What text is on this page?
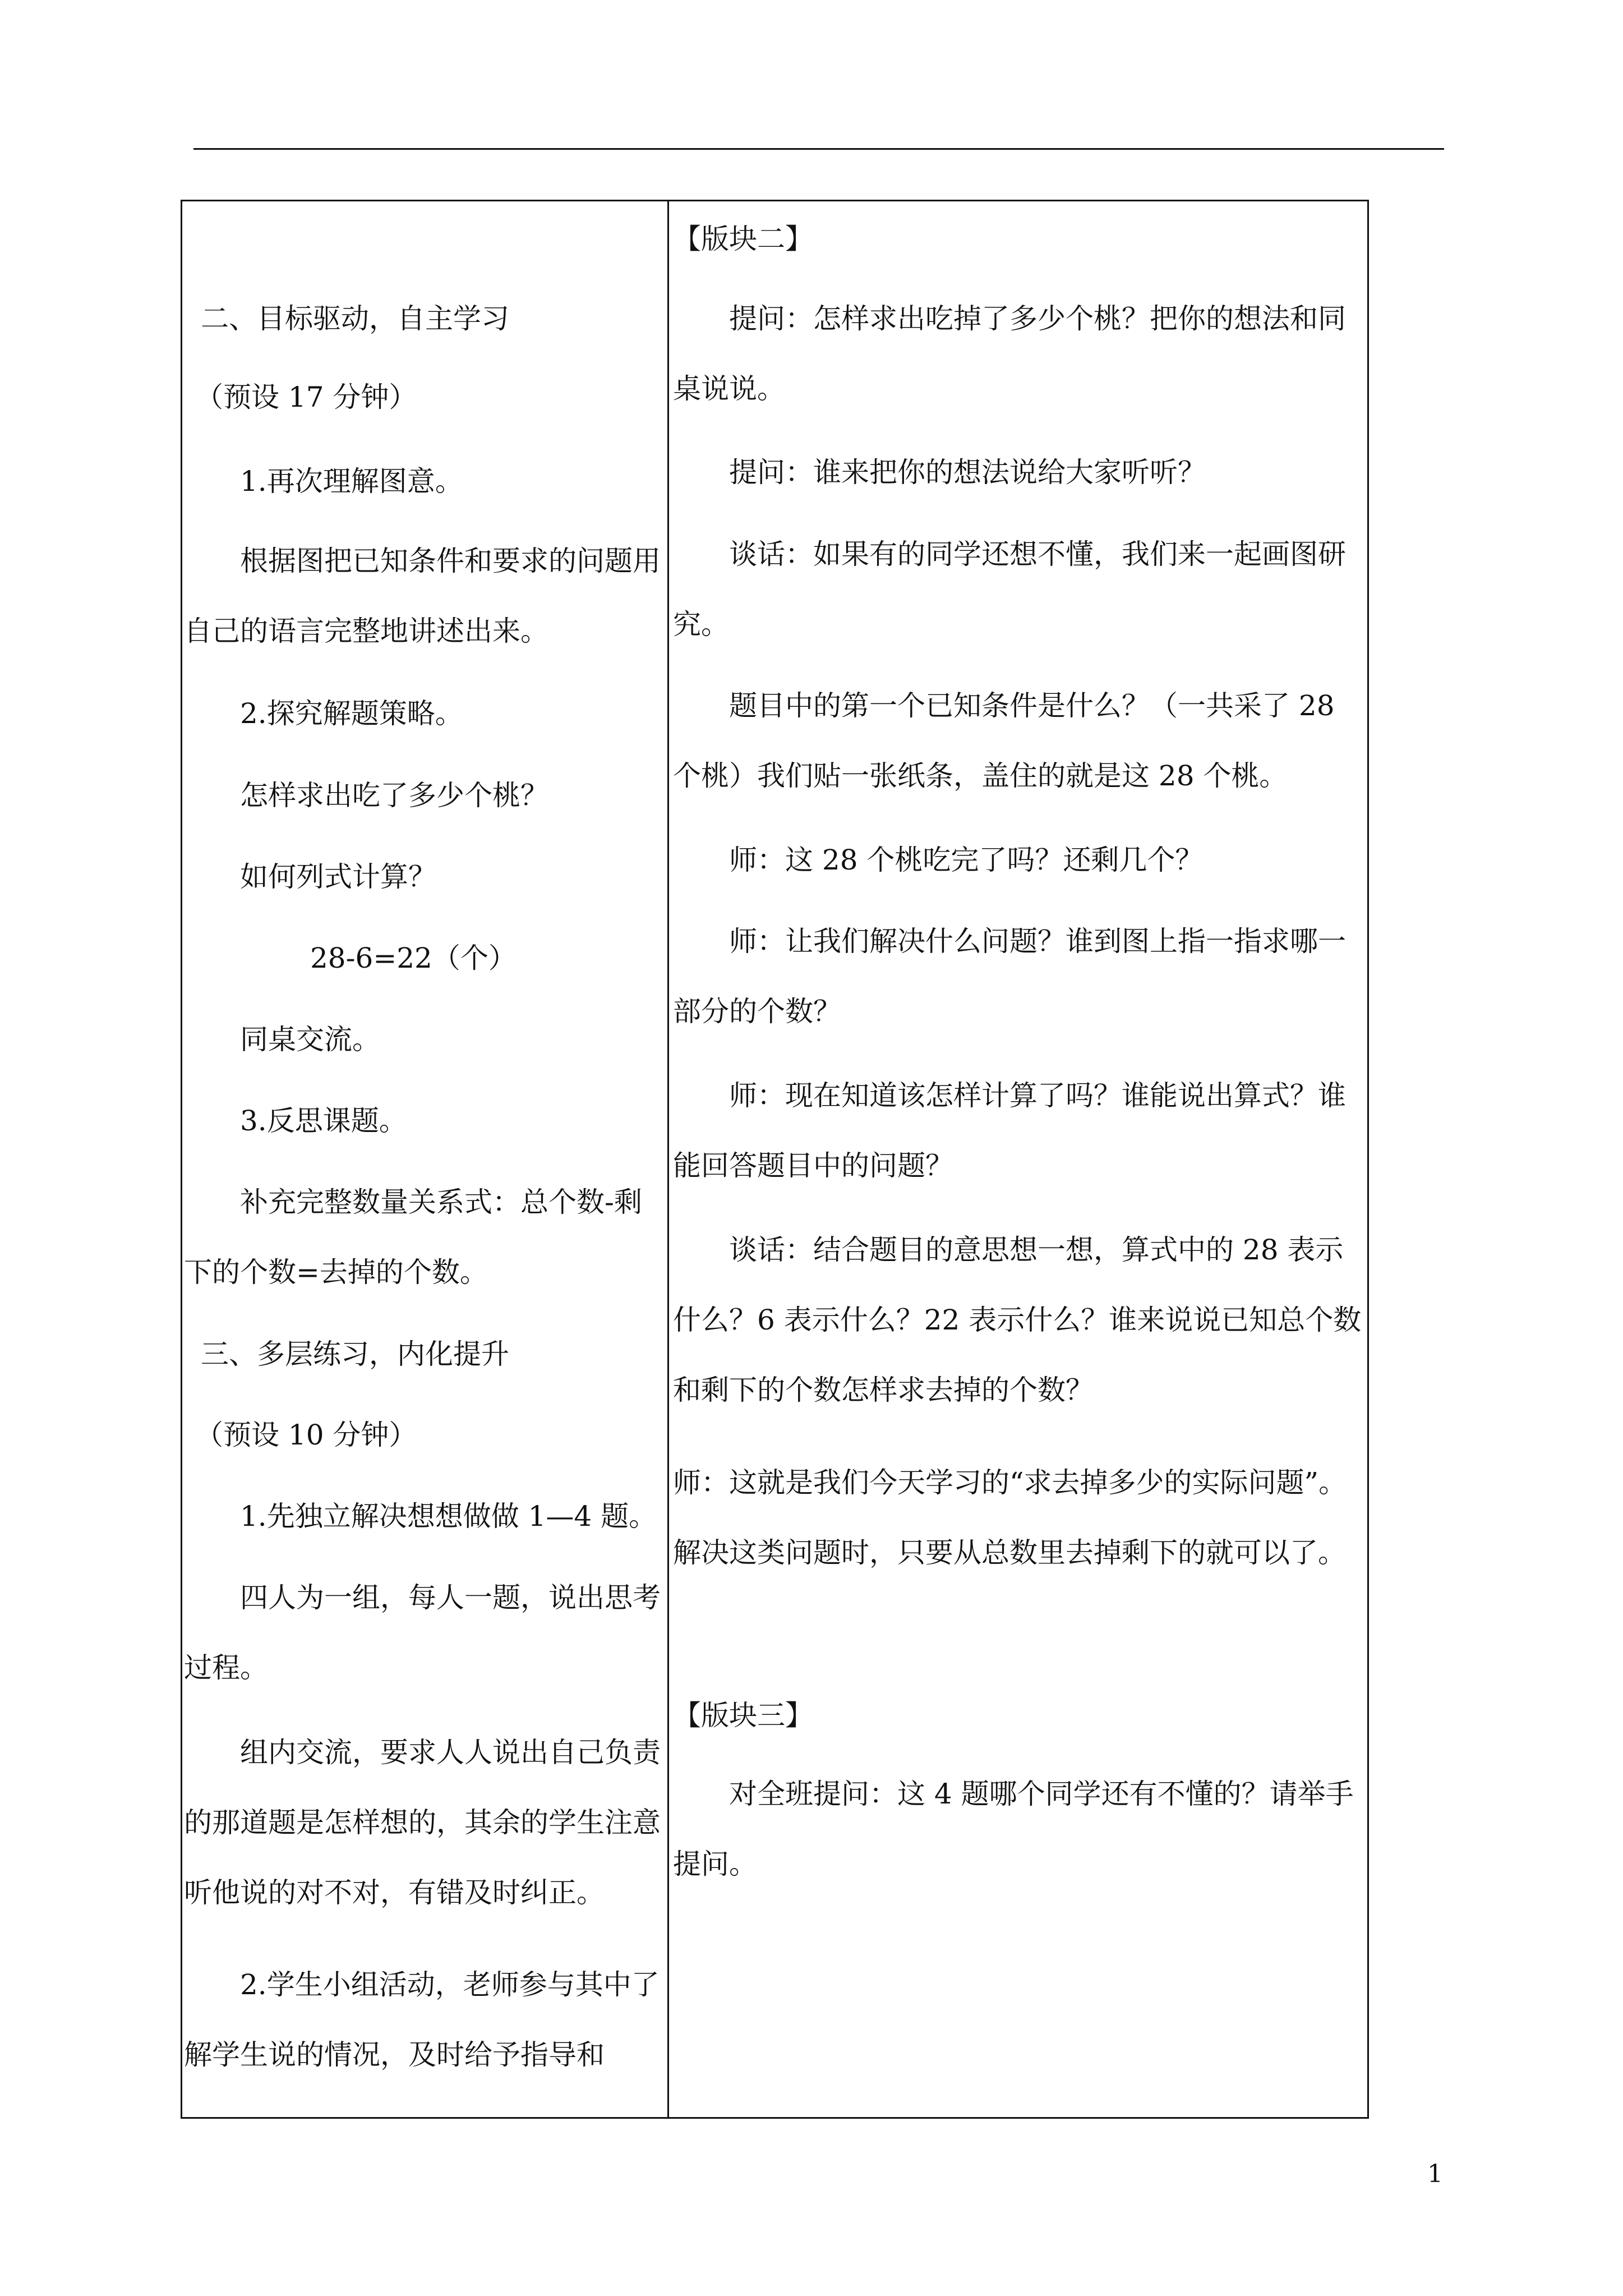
二、目标驱动，自主学习

（预设 17 分钟）

1.再次理解图意。

根据图把已知条件和要求的问题用自己的语言完整地讲述出来。

2.探究解题策略。

怎样求出吃了多少个桃？

如何列式计算？

28-6=22（个）

同桌交流。

3.反思课题。

补充完整数量关系式：总个数-剩下的个数=去掉的个数。

三、多层练习，内化提升

（预设 10 分钟）

1.先独立解决想想做做 1—4 题。

四人为一组，每人一题，说出思考过程。

组内交流，要求人人说出自己负责的那道题是怎样想的，其余的学生注意听他说的对不对，有错及时纠正。

2.学生小组活动，老师参与其中了解学生说的情况，及时给予指导和

【版块二】

提问：怎样求出吃掉了多少个桃？把你的想法和同桌说说。

提问：谁来把你的想法说给大家听听？

谈话：如果有的同学还想不懂，我们来一起画图研究。

题目中的第一个已知条件是什么？（一共采了 28 个桃）我们贴一张纸条，盖住的就是这 28 个桃。

师：这 28 个桃吃完了吗？还剩几个？

师：让我们解决什么问题？谁到图上指一指求哪一部分的个数？

师：现在知道该怎样计算了吗？谁能说出算式？谁能回答题目中的问题？

谈话：结合题目的意思想一想，算式中的 28 表示什么？6 表示什么？22 表示什么？谁来说说已知总个数和剩下的个数怎样求去掉的个数？

师：这就是我们今天学习的“求去掉多少的实际问题”。解决这类问题时，只要从总数里去掉剩下的就可以了。

【版块三】

对全班提问：这 4 题哪个同学还有不懂的？请举手提问。

1
